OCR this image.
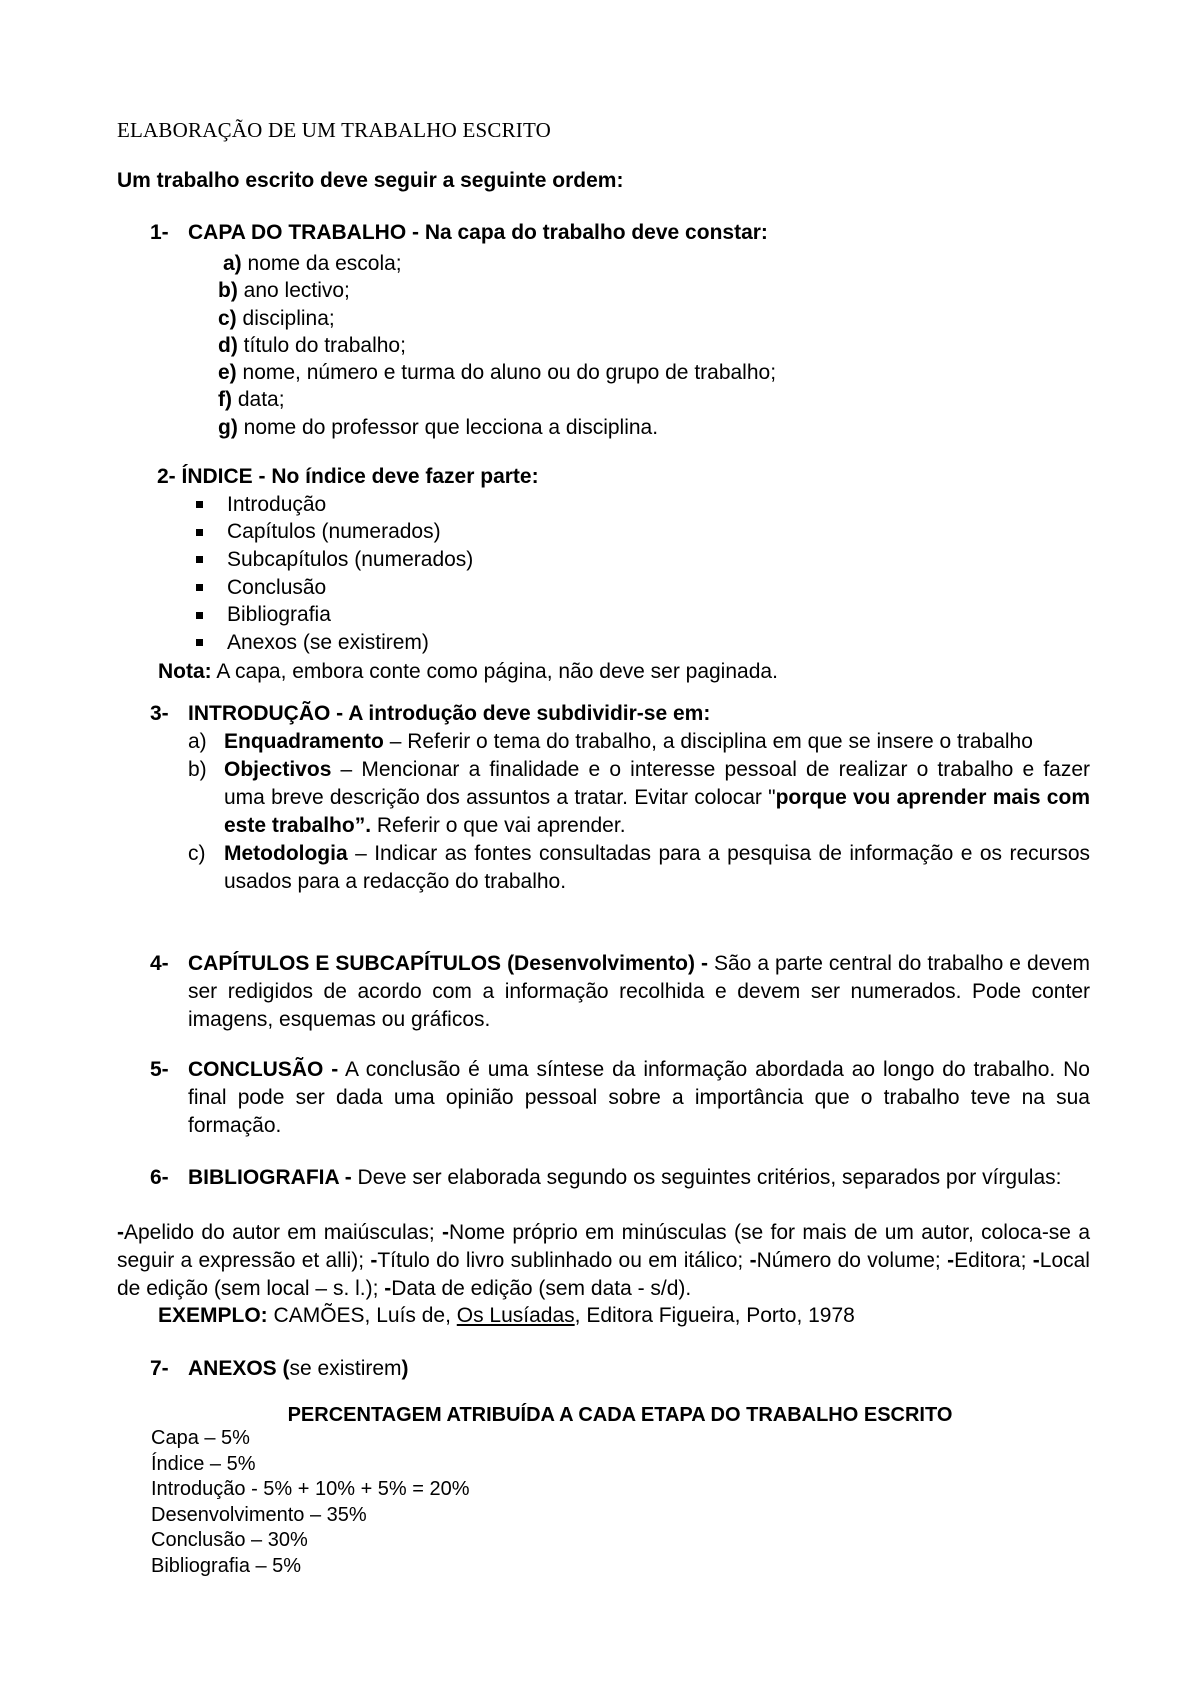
ELABORAÇÃO DE UM TRABALHO ESCRITO
Um trabalho escrito deve seguir a seguinte ordem:
1- CAPA DO TRABALHO - Na capa do trabalho deve constar:
a) nome da escola;
b) ano lectivo;
c) disciplina;
d) título do trabalho;
e) nome, número e turma do aluno ou do grupo de trabalho;
f) data;
g) nome do professor que lecciona a disciplina.
2- ÍNDICE - No índice deve fazer parte:
Introdução
Capítulos (numerados)
Subcapítulos (numerados)
Conclusão
Bibliografia
Anexos (se existirem)
Nota: A capa, embora conte como página, não deve ser paginada.
3- INTRODUÇÃO - A introdução deve subdividir-se em:
a) Enquadramento – Referir o tema do trabalho, a disciplina em que se insere o trabalho
b) Objectivos – Mencionar a finalidade e o interesse pessoal de realizar o trabalho e fazer uma breve descrição dos assuntos a tratar. Evitar colocar "porque vou aprender mais com este trabalho”. Referir o que vai aprender.
c) Metodologia – Indicar as fontes consultadas para a pesquisa de informação e os recursos usados para a redacção do trabalho.
4- CAPÍTULOS E SUBCAPÍTULOS (Desenvolvimento) - São a parte central do trabalho e devem ser redigidos de acordo com a informação recolhida e devem ser numerados. Pode conter imagens, esquemas ou gráficos.
5- CONCLUSÃO - A conclusão é uma síntese da informação abordada ao longo do trabalho. No final pode ser dada uma opinião pessoal sobre a importância que o trabalho teve na sua formação.
6- BIBLIOGRAFIA - Deve ser elaborada segundo os seguintes critérios, separados por vírgulas:
-Apelido do autor em maiúsculas; -Nome próprio em minúsculas (se for mais de um autor, coloca-se a seguir a expressão et alli); -Título do livro sublinhado ou em itálico; -Número do volume; -Editora; -Local de edição (sem local – s. l.); -Data de edição (sem data - s/d).
EXEMPLO: CAMÕES, Luís de, Os Lusíadas, Editora Figueira, Porto, 1978
7- ANEXOS (se existirem)
PERCENTAGEM ATRIBUÍDA A CADA ETAPA DO TRABALHO ESCRITO
Capa – 5%
Índice – 5%
Introdução - 5% + 10% + 5% = 20%
Desenvolvimento – 35%
Conclusão – 30%
Bibliografia – 5%
